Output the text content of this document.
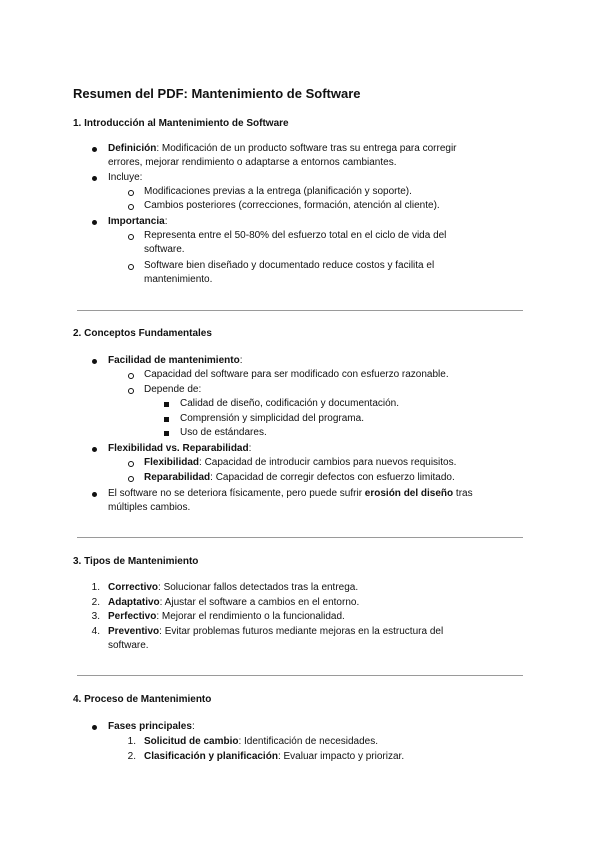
Resumen del PDF: Mantenimiento de Software
1. Introducción al Mantenimiento de Software
Definición: Modificación de un producto software tras su entrega para corregir
errores, mejorar rendimiento o adaptarse a entornos cambiantes.
Incluye:
Modificaciones previas a la entrega (planificación y soporte).
Cambios posteriores (correcciones, formación, atención al cliente).
Importancia:
Representa entre el 50-80% del esfuerzo total en el ciclo de vida del
software.
Software bien diseñado y documentado reduce costos y facilita el
mantenimiento.
2. Conceptos Fundamentales
Facilidad de mantenimiento:
Capacidad del software para ser modificado con esfuerzo razonable.
Depende de:
Calidad de diseño, codificación y documentación.
Comprensión y simplicidad del programa.
Uso de estándares.
Flexibilidad vs. Reparabilidad:
Flexibilidad: Capacidad de introducir cambios para nuevos requisitos.
Reparabilidad: Capacidad de corregir defectos con esfuerzo limitado.
El software no se deteriora físicamente, pero puede sufrir erosión del diseño tras
múltiples cambios.
3. Tipos de Mantenimiento
1. Correctivo: Solucionar fallos detectados tras la entrega.
2. Adaptativo: Ajustar el software a cambios en el entorno.
3. Perfectivo: Mejorar el rendimiento o la funcionalidad.
4. Preventivo: Evitar problemas futuros mediante mejoras en la estructura del
software.
4. Proceso de Mantenimiento
Fases principales:
1. Solicitud de cambio: Identificación de necesidades.
2. Clasificación y planificación: Evaluar impacto y priorizar.
